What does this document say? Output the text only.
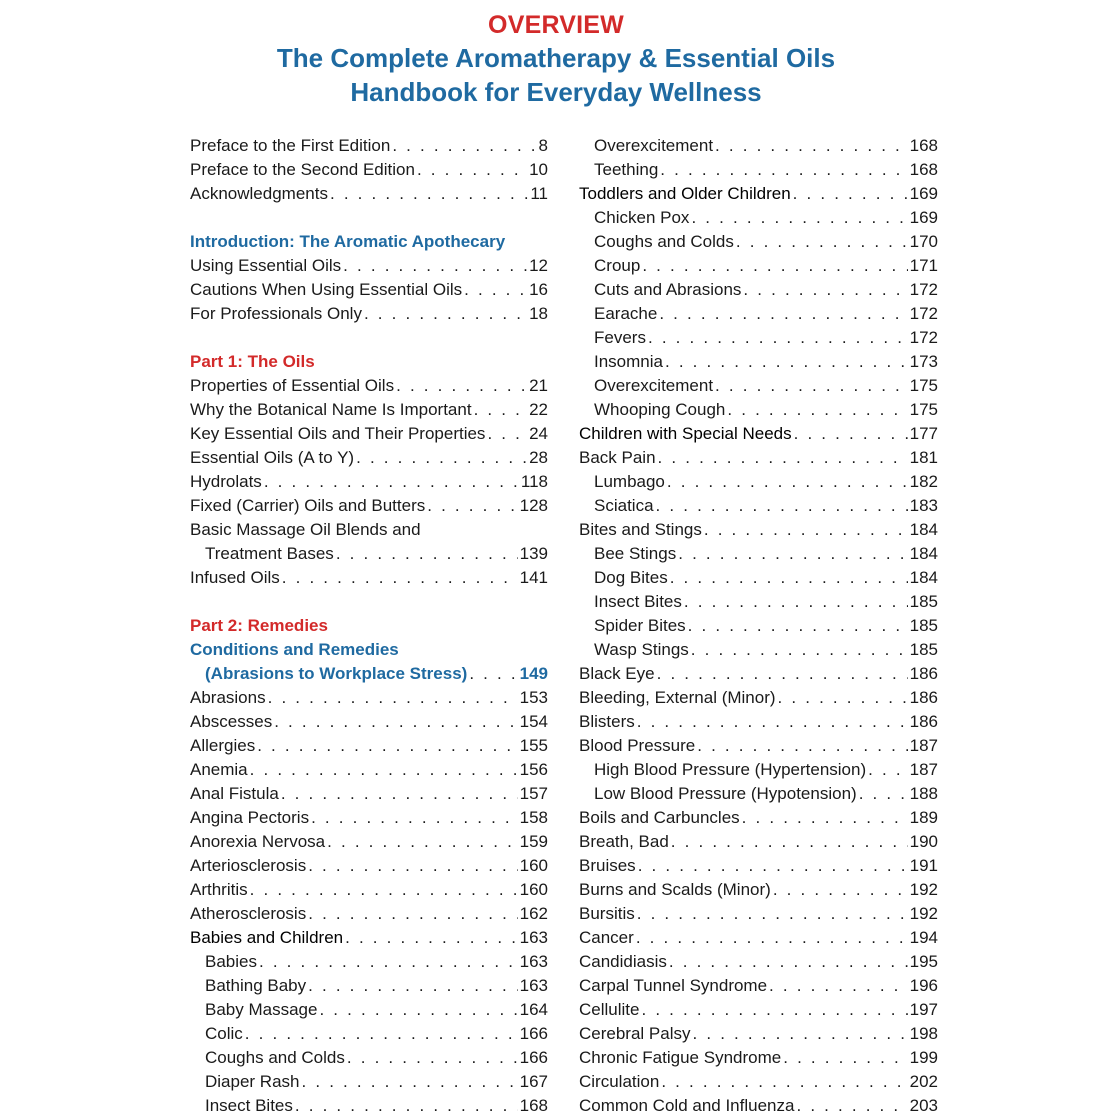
OVERVIEW
The Complete Aromatherapy & Essential Oils
Handbook for Everyday Wellness
Preface to the First Edition . . .	8
Preface to the Second Edition . . .	10
Acknowledgments . . .	11
Introduction: The Aromatic Apothecary
Using Essential Oils . . .	12
Cautions When Using Essential Oils . . .	16
For Professionals Only . . .	18
Part 1: The Oils
Properties of Essential Oils . . .	21
Why the Botanical Name Is Important . . .	22
Key Essential Oils and Their Properties . . .	24
Essential Oils (A to Y) . . .	28
Hydrolats . . .	118
Fixed (Carrier) Oils and Butters . . .	128
Basic Massage Oil Blends and
Treatment Bases . . .	139
Infused Oils . . .	141
Part 2: Remedies
Conditions and Remedies
(Abrasions to Workplace Stress) . . .	149
Abrasions . . .	153
Abscesses . . .	154
Allergies . . .	155
Anemia . . .	156
Anal Fistula . . .	157
Angina Pectoris . . .	158
Anorexia Nervosa . . .	159
Arteriosclerosis . . .	160
Arthritis . . .	160
Atherosclerosis . . .	162
Babies and Children . . .	163
Babies . . .	163
Bathing Baby . . .	163
Baby Massage . . .	164
Colic . . .	166
Coughs and Colds . . .	166
Diaper Rash . . .	167
Insect Bites . . .	168
Overexcitement . . .	168
Teething . . .	168
Toddlers and Older Children . . .	169
Chicken Pox . . .	169
Coughs and Colds . . .	170
Croup . . .	171
Cuts and Abrasions . . .	172
Earache . . .	172
Fevers . . .	172
Insomnia . . .	173
Overexcitement . . .	175
Whooping Cough . . .	175
Children with Special Needs . . .	177
Back Pain . . .	181
Lumbago . . .	182
Sciatica . . .	183
Bites and Stings . . .	184
Bee Stings . . .	184
Dog Bites . . .	184
Insect Bites . . .	185
Spider Bites . . .	185
Wasp Stings . . .	185
Black Eye . . .	186
Bleeding, External (Minor) . . .	186
Blisters . . .	186
Blood Pressure . . .	187
High Blood Pressure (Hypertension) . . .	187
Low Blood Pressure (Hypotension) . . .	188
Boils and Carbuncles . . .	189
Breath, Bad . . .	190
Bruises . . .	191
Burns and Scalds (Minor) . . .	192
Bursitis . . .	192
Cancer . . .	194
Candidiasis . . .	195
Carpal Tunnel Syndrome . . .	196
Cellulite . . .	197
Cerebral Palsy . . .	198
Chronic Fatigue Syndrome . . .	199
Circulation . . .	202
Common Cold and Influenza . . .	203
